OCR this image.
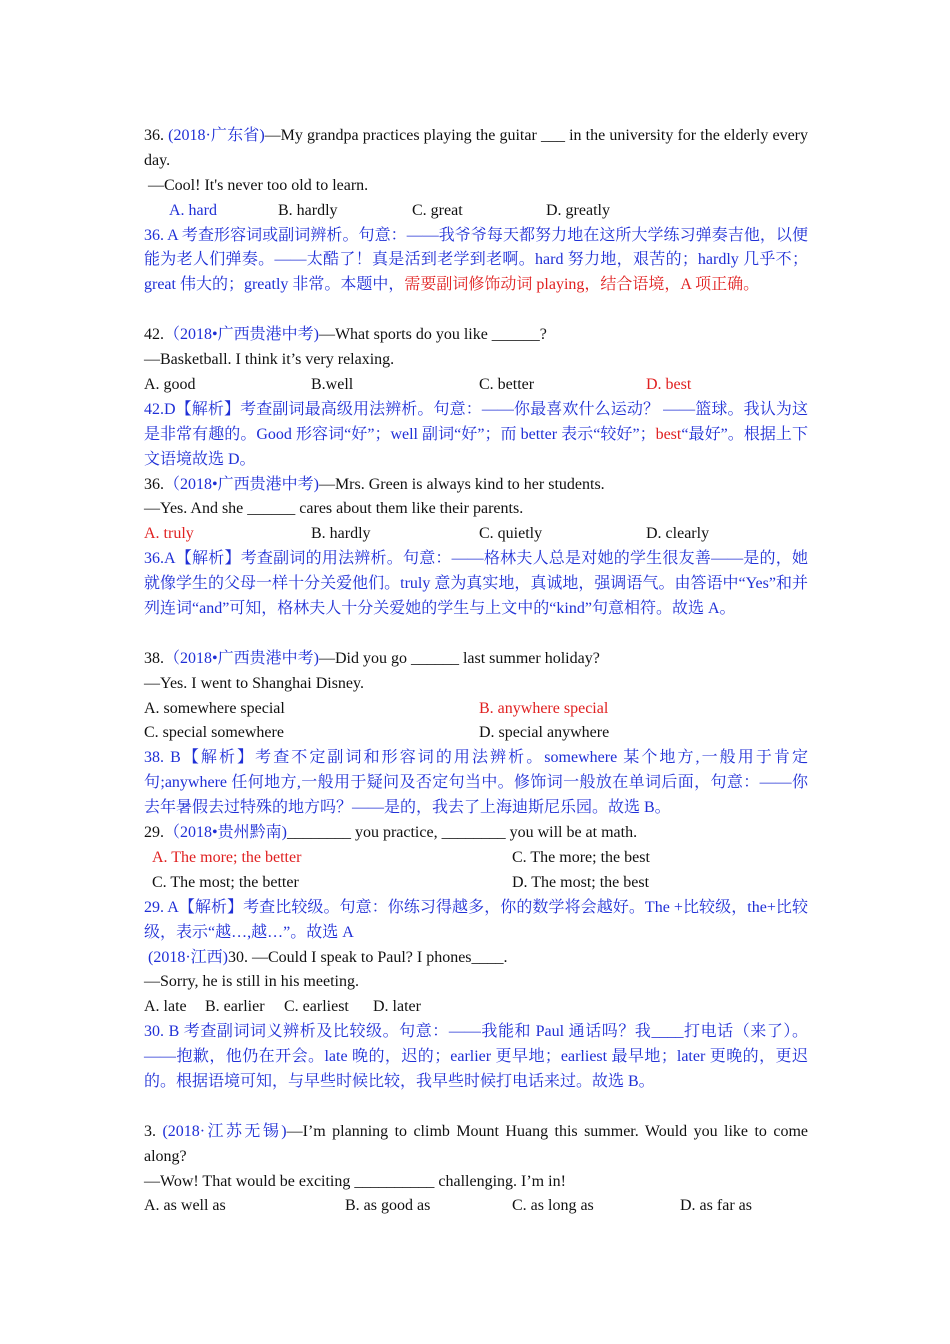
36. (2018·广东省)—My grandpa practices playing the guitar ___ in the university for the elderly every day.
—Cool! It's never too old to learn.
A. hard	B. hardly	C. great	D. greatly
36. A 考查形容词或副词辨析。句意：——我爷爷每天都努力地在这所大学练习弹奏吉他，以便能为老人们弹奏。——太酷了！真是活到老学到老啊。hard 努力地，艰苦的；hardly 几乎不；great 伟大的；greatly 非常。本题中，需要副词修饰动词 playing，结合语境，A 项正确。
42.（2018•广西贵港中考)—What sports do you like ______?
—Basketball. I think it’s very relaxing.
A. good	B.well	C. better	D. best
42.D【解析】考查副词最高级用法辨析。句意：——你最喜欢什么运动？ ——篮球。我认为这是非常有趣的。Good 形容词“好”；well 副词“好”；而 better 表示“较好”；best“最好”。根据上下文语境故选 D。
36.（2018•广西贵港中考)—Mrs. Green is always kind to her students.
—Yes. And she ______ cares about them like their parents.
A. truly	B. hardly	C. quietly	D. clearly
36.A【解析】考查副词的用法辨析。句意：——格林夫人总是对她的学生很友善——是的，她就像学生的父母一样十分关爱他们。truly 意为真实地，真诚地，强调语气。由答语中“Yes”和并列连词“and”可知，格林夫人十分关爱她的学生与上文中的“kind”句意相符。故选 A。
38.（2018•广西贵港中考)—Did you go ______ last summer holiday?
—Yes. I went to Shanghai Disney.
A. somewhere special	B. anywhere special
C. special somewhere	D. special anywhere
38. B【解析】考查不定副词和形容词的用法辨析。somewhere 某个地方,一般用于肯定句;anywhere 任何地方,一般用于疑问及否定句当中。修饰词一般放在单词后面，句意：——你去年暑假去过特殊的地方吗？——是的，我去了上海迪斯尼乐园。故选 B。
29.（2018•贵州黔南)________ you practice, ________ you will be at math.
A. The more; the better	C. The more; the best
C. The most; the better	D. The most; the best
29. A【解析】考查比较级。句意：你练习得越多，你的数学将会越好。The +比较级，the+比较级，表示“越…,越…”。故选 A
(2018·江西)30. —Could I speak to Paul? I phones____.
—Sorry, he is still in his meeting.
A. late B. earlier C. earliest D. later
30. B 考查副词词义辨析及比较级。句意：——我能和 Paul 通话吗？我____打电话（来了）。——抱歉，他仍在开会。late 晚的，迟的；earlier 更早地；earliest 最早地；later 更晚的，更迟的。根据语境可知，与早些时候比较，我早些时候打电话来过。故选 B。
3. (2018·江苏无锡)—I’m planning to climb Mount Huang this summer. Would you like to come along?
—Wow! That would be exciting __________ challenging. I’m in!
A. as well as	B. as good as	C. as long as	D. as far as
